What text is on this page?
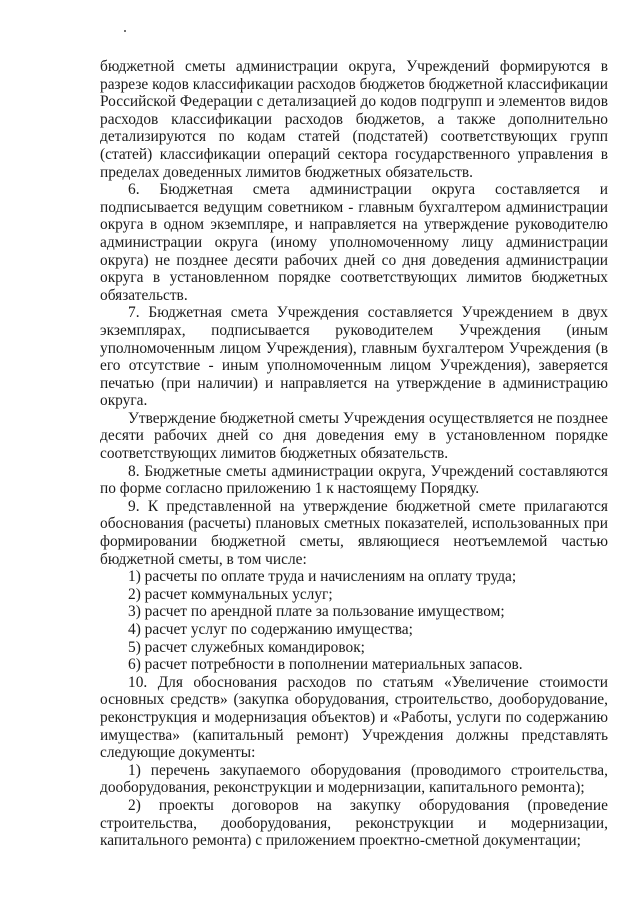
бюджетной сметы администрации округа, Учреждений формируются в разрезе кодов классификации расходов бюджетов бюджетной классификации Российской Федерации с детализацией до кодов подгрупп и элементов видов расходов классификации расходов бюджетов, а также дополнительно детализируются по кодам статей (подстатей) соответствующих групп (статей) классификации операций сектора государственного управления в пределах доведенных лимитов бюджетных обязательств.

6. Бюджетная смета администрации округа составляется и подписывается ведущим советником - главным бухгалтером администрации округа в одном экземпляре, и направляется на утверждение руководителю администрации округа (иному уполномоченному лицу администрации округа) не позднее десяти рабочих дней со дня доведения администрации округа в установленном порядке соответствующих лимитов бюджетных обязательств.

7. Бюджетная смета Учреждения составляется Учреждением в двух экземплярах, подписывается руководителем Учреждения (иным уполномоченным лицом Учреждения), главным бухгалтером Учреждения (в его отсутствие - иным уполномоченным лицом Учреждения), заверяется печатью (при наличии) и направляется на утверждение в администрацию округа.

Утверждение бюджетной сметы Учреждения осуществляется не позднее десяти рабочих дней со дня доведения ему в установленном порядке соответствующих лимитов бюджетных обязательств.

8. Бюджетные сметы администрации округа, Учреждений составляются по форме согласно приложению 1 к настоящему Порядку.

9. К представленной на утверждение бюджетной смете прилагаются обоснования (расчеты) плановых сметных показателей, использованных при формировании бюджетной сметы, являющиеся неотъемлемой частью бюджетной сметы, в том числе:

1) расчеты по оплате труда и начислениям на оплату труда;

2) расчет коммунальных услуг;

3) расчет по арендной плате за пользование имуществом;

4) расчет услуг по содержанию имущества;

5) расчет служебных командировок;

6) расчет потребности в пополнении материальных запасов.

10. Для обоснования расходов по статьям «Увеличение стоимости основных средств» (закупка оборудования, строительство, дооборудование, реконструкция и модернизация объектов) и «Работы, услуги по содержанию имущества» (капитальный ремонт) Учреждения должны представлять следующие документы:

1) перечень закупаемого оборудования (проводимого строительства, дооборудования, реконструкции и модернизации, капитального ремонта);

2) проекты договоров на закупку оборудования (проведение строительства, дооборудования, реконструкции и модернизации, капитального ремонта) с приложением проектно-сметной документации;
